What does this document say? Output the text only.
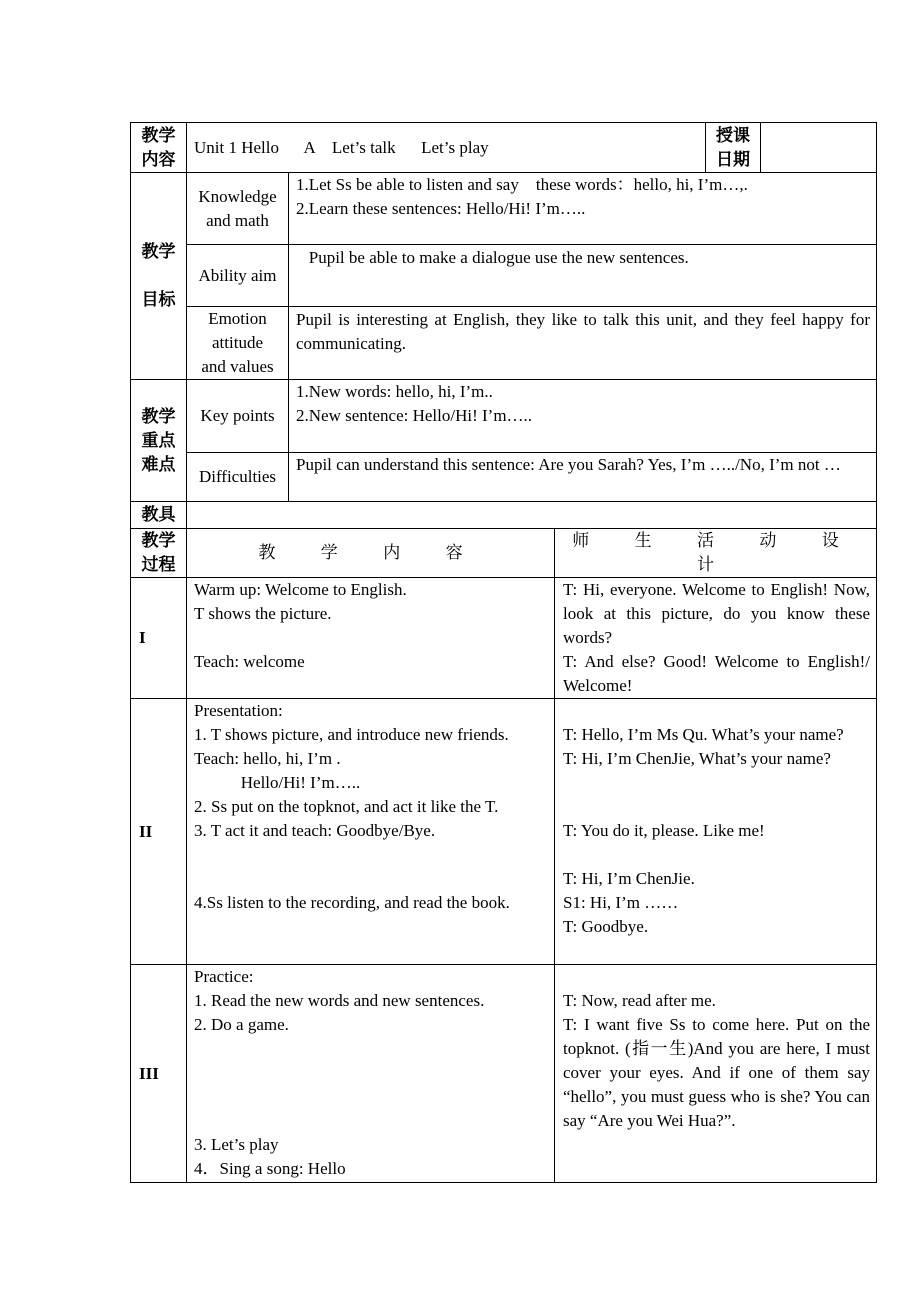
教学
内容
Unit 1 Hello      A    Let’s talk      Let’s play
授课
日期
教学

目标
Knowledge
and math
1.Let Ss be able to listen and say    these words：hello, hi, I’m…,.
2.Learn these sentences: Hello/Hi! I’m…..
Ability aim
Pupil be able to make a dialogue use the new sentences.
Emotion
attitude
and values
Pupil is interesting at English, they like to talk this unit, and they feel happy for communicating.
教学
重点
难点
Key points
1.New words: hello, hi, I’m..
2.New sentence: Hello/Hi! I’m…..
Difficulties
Pupil can understand this sentence: Are you Sarah? Yes, I’m …../No, I’m not …
教具
教学
过程
教 学 内 容
师 生 活 动 设 计
I
Warm up: Welcome to English.
T shows the picture.

Teach: welcome
T: Hi, everyone. Welcome to English! Now, look at this picture, do you know these words?
T: And else? Good! Welcome to English!/ Welcome!
II
Presentation:
1. T shows picture, and introduce new friends.
Teach: hello, hi, I’m .
Hello/Hi! I’m…..
2. Ss put on the topknot, and act it like the T.
3. T act it and teach: Goodbye/Bye.

4.Ss listen to the recording, and read the book.

T: Hello, I’m Ms Qu. What’s your name?
T: Hi, I’m ChenJie, What’s your name?

T: You do it, please. Like me!

T: Hi, I’m ChenJie.
S1: Hi, I’m ……
T: Goodbye.
III
Practice:
1. Read the new words and new sentences.
2. Do a game.

3. Let’s play
4．Sing a song: Hello

T: Now, read after me.
T: I want five Ss to come here. Put on the topknot. (指一生)And you are here, I must cover your eyes. And if one of them say “hello”, you must guess who is she? You can say “Are you Wei Hua?”.
